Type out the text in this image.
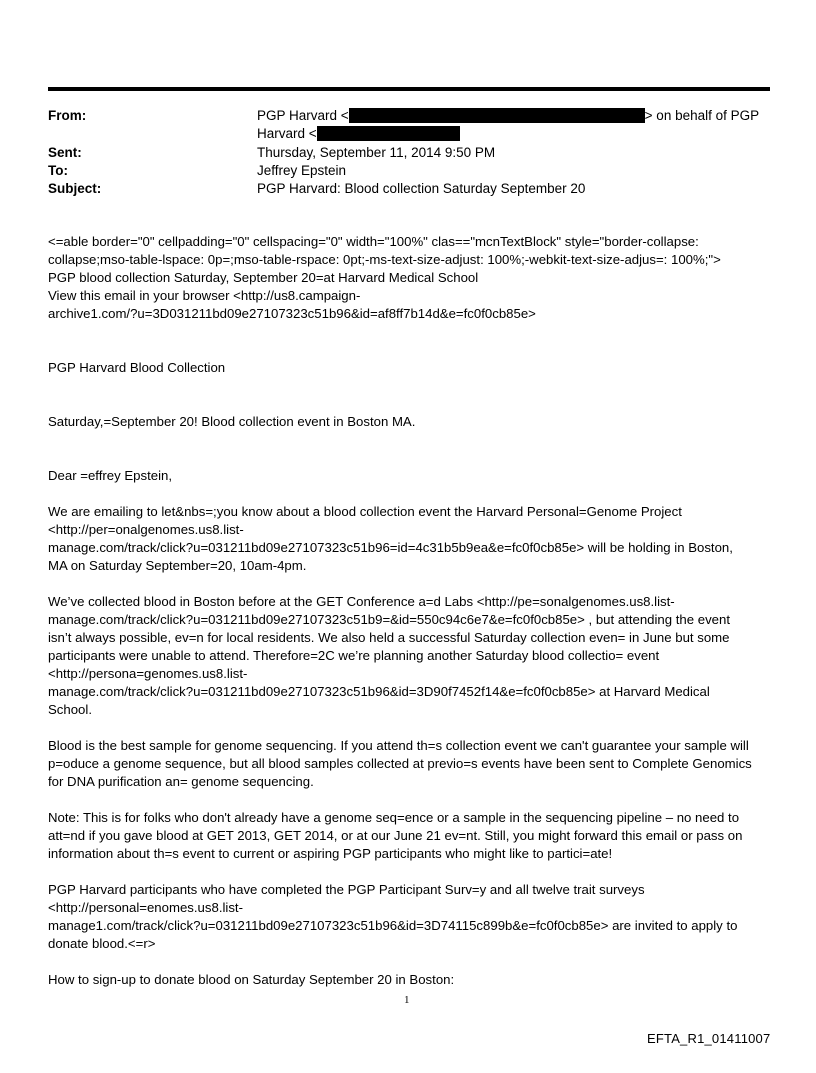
From:	PGP Harvard <	> on behalf of PGP
Harvard <
Sent:	Thursday, September 11, 2014 9:50 PM
To:	Jeffrey Epstein
Subject:	PGP Harvard: Blood collection Saturday September 20

<=able border="0" cellpadding="0" cellspacing="0" width="100%" clas=="mcnTextBlock" style="border-collapse:

collapse;mso-table-lspace: 0p=;mso-table-rspace: 0pt;-ms-text-size-adjust: 100%;-webkit-text-size-adjus=: 100%;">

PGP blood collection Saturday, September 20=at Harvard Medical School

View this email in your browser <http://us8.campaign-

archive1.com/?u=3D031211bd09e27107323c51b96&id=af8ff7b14d&e=fc0f0cb85e>

PGP Harvard Blood Collection
Saturday,=September 20! Blood collection event in Boston MA.
Dear =effrey Epstein,

We are emailing to let&nbs=;you know about a blood collection event the Harvard Personal=Genome Project

<http://per=onalgenomes.us8.list-

manage.com/track/click?u=031211bd09e27107323c51b96=id=4c31b5b9ea&e=fc0f0cb85e> will be holding in Boston,

MA on Saturday September=20, 10am-4pm.

We’ve collected blood in Boston before at the GET Conference a=d Labs <http://pe=sonalgenomes.us8.list-

manage.com/track/click?u=031211bd09e27107323c51b9=&id=550c94c6e7&e=fc0f0cb85e> , but attending the event

isn’t always possible, ev=n for local residents. We also held a successful Saturday collection even= in June but some

participants were unable to attend. Therefore=2C we’re planning another Saturday blood collectio= event

<http://persona=genomes.us8.list-

manage.com/track/click?u=031211bd09e27107323c51b96&id=3D90f7452f14&e=fc0f0cb85e> at Harvard Medical

School.

Blood is the best sample for genome sequencing. If you attend th=s collection event we can't guarantee your sample will

p=oduce a genome sequence, but all blood samples collected at previo=s events have been sent to Complete Genomics

for DNA purification an= genome sequencing.

Note: This is for folks who don't already have a genome seq=ence or a sample in the sequencing pipeline – no need to

att=nd if you gave blood at GET 2013, GET 2014, or at our June 21 ev=nt. Still, you might forward this email or pass on

information about th=s event to current or aspiring PGP participants who might like to partici=ate!

PGP Harvard participants who have completed the PGP Participant Surv=y and all twelve trait surveys

<http://personal=enomes.us8.list-

manage1.com/track/click?u=031211bd09e27107323c51b96&id=3D74115c899b&e=fc0f0cb85e> are invited to apply to

donate blood.<=r>

How to sign-up to donate blood on Saturday September 20 in Boston:
1
EFTA_R1_01411007
